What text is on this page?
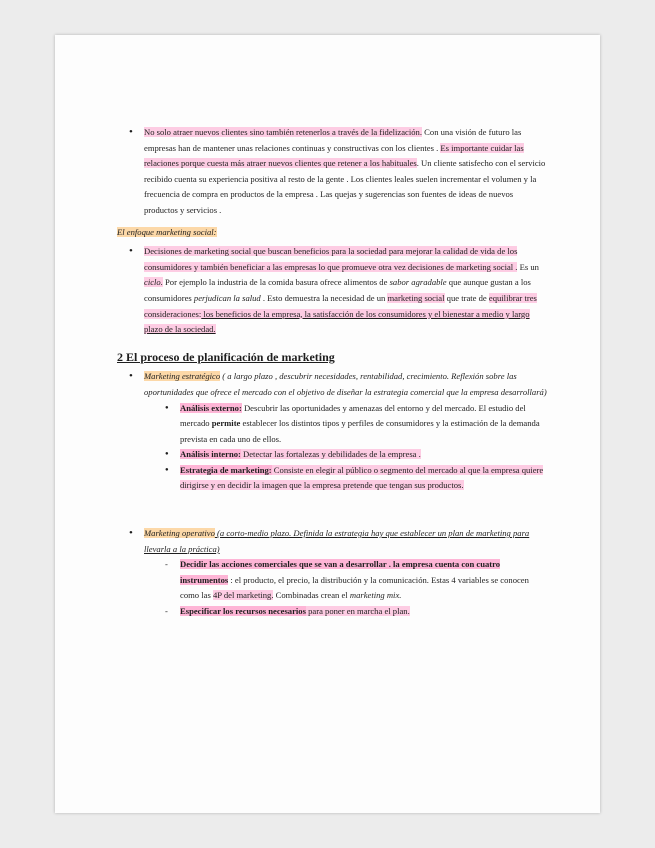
• No solo atraer nuevos clientes sino también retenerlos a través de la fidelización. Con una visión de futuro las empresas han de mantener unas relaciones continuas y constructivas con los clientes . Es importante cuidar las relaciones porque cuesta más atraer nuevos clientes que retener a los habituales. Un cliente satisfecho con el servicio recibido cuenta su experiencia positiva al resto de la gente . Los clientes leales suelen incrementar el volumen y la frecuencia de compra en productos de la empresa . Las quejas y sugerencias son fuentes de ideas de nuevos productos y servicios .

El enfoque marketing social:

• Decisiones de marketing social que buscan beneficios para la sociedad para mejorar la calidad de vida de los consumidores y también beneficiar a las empresas lo que promueve otra vez decisiones de marketing social . Es un ciclo. Por ejemplo la industria de la comida basura ofrece alimentos de sabor agradable que aunque gustan a los consumidores perjudican la salud . Esto demuestra la necesidad de un marketing social que trate de equilibrar tres consideraciones: los beneficios de la empresa, la satisfacción de los consumidores y el bienestar a medio y largo plazo de la sociedad.
2 El proceso de planificación de marketing
• Marketing estratégico ( a largo plazo , descubrir necesidades, rentabilidad, crecimiento. Reflexión sobre las oportunidades que ofrece el mercado con el objetivo de diseñar la estrategia comercial que la empresa desarrollará)
● Análisis externo: Descubrir las oportunidades y amenazas del entorno y del mercado. El estudio del mercado permite establecer los distintos tipos y perfiles de consumidores y la estimación de la demanda prevista en cada uno de ellos.
● Análisis interno: Detectar las fortalezas y debilidades de la empresa .
● Estrategia de marketing: Consiste en elegir al público o segmento del mercado al que la empresa quiere dirigirse y en decidir la imagen que la empresa pretende que tengan sus productos.
• Marketing operativo (a corto-medio plazo. Definida la estrategia hay que establecer un plan de marketing para llevarla a la práctica)
- Decidir las acciones comerciales que se van a desarrollar . la empresa cuenta con cuatro instrumentos : el producto, el precio, la distribución y la comunicación. Estas 4 variables se conocen como las 4P del marketing. Combinadas crean el marketing mix.
- Especificar los recursos necesarios para poner en marcha el plan.
